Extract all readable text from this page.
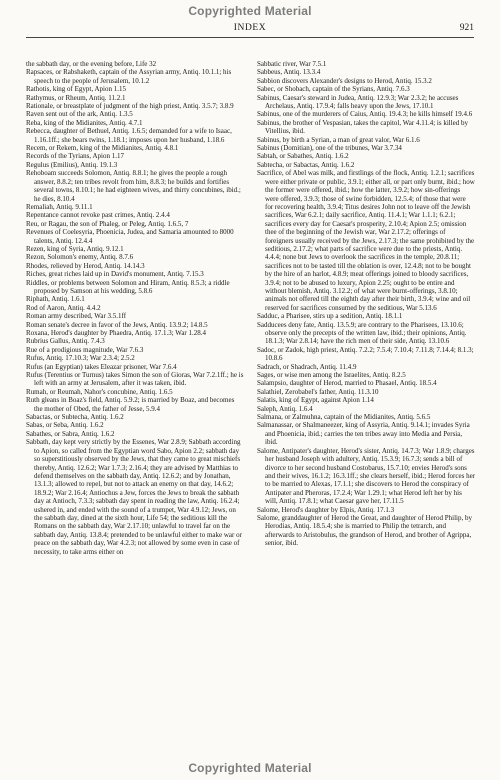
Copyrighted Material
INDEX	921

the sabbath day, or the evening before, Life 32

Rapsaces, or Rabshaketh, captain of the Assyrian army, Antiq. 10.1.1; his speech to the people of Jerusalem, 10.1.2

Rathotis, king of Egypt, Apion 1.15

Rathymus, or Rheum, Antiq. 11.2.1

Rationale, or breastplate of judgment of the high priest, Antiq. 3.5.7; 3.8.9

Raven sent out of the ark, Antiq. 1.3.5

Reba, king of the Midianites, Antiq. 4.7.1

Rebecca, daughter of Bethuel, Antiq. 1.6.5; demanded for a wife to Isaac, 1.16.1ff.; she bears twins, 1.18.1; imposes upon her husband, 1.18.6

Recem, or Rekem, king of the Midianites, Antiq. 4.8.1

Records of the Tyrians, Apion 1.17

Regulus (Emilius), Antiq. 19.1.3

Rehoboam succeeds Solomon, Antiq. 8.8.1; he gives the people a rough answer, 8.8.2; ten tribes revolt from him, 8.8.3; he builds and fortifies several towns, 8.10.1; he had eighteen wives, and thirty concubines, ibid.; he dies, 8.10.4

Remaliah, Antiq. 9.11.1

Repentance cannot revoke past crimes, Antiq. 2.4.4

Reu, or Ragau, the son of Phaleg, or Peleg, Antiq. 1.6.5, 7

Revenues of Coelesyria, Phoenicia, Judea, and Samaria amounted to 8000 talents, Antiq. 12.4.4

Rezen, king of Syria, Antiq. 9.12.1

Rezon, Solomon's enemy, Antiq. 8.7.6

Rhodes, relieved by Herod, Antiq. 14.14.3

Riches, great riches laid up in David's monument, Antiq. 7.15.3

Riddles, or problems between Solomon and Hiram, Antiq. 8.5.3; a riddle proposed by Samson at his wedding, 5.8.6

Riphath, Antiq. 1.6.1

Rod of Aaron, Antiq. 4.4.2

Roman army described, War 3.5.1ff

Roman senate's decree in favor of the Jews, Antiq. 13.9.2; 14.8.5

Roxana, Herod's daughter by Phaedra, Antiq. 17.1.3; War 1.28.4

Rubrius Gallus, Antiq. 7.4.3

Rue of a prodigious magnitude, War 7.6.3

Rufus, Antiq. 17.10.3; War 2.3.4; 2.5.2

Rufus (an Egyptian) takes Eleazar prisoner, War 7.6.4

Rufus (Terentius or Turnus) takes Simon the son of Gioras, War 7.2.1ff.; he is left with an army at Jerusalem, after it was taken, ibid.

Rumah, or Reumah, Nahor's concubine, Antiq. 1.6.5

Ruth gleans in Boaz's field, Antiq. 5.9.2; is married by Boaz, and becomes the mother of Obed, the father of Jesse, 5.9.4

Sabactas, or Subtecha, Antiq. 1.6.2

Sabas, or Seba, Antiq. 1.6.2

Sabathes, or Sabra, Antiq. 1.6.2

Sabbath, day kept very strictly by the Essenes, War 2.8.9; Sabbath according to Apion, so called from the Egyptian word Sabo, Apion 2.2; sabbath day so superstitiously observed by the Jews, that they came to great mischiefs thereby, Antiq. 12.6.2; War 1.7.3; 2.16.4; they are advised by Matthias to defend themselves on the sabbath day, Antiq. 12.6.2; and by Jonathan, 13.1.3; allowed to repel, but not to attack an enemy on that day, 14.6.2; 18.9.2; War 2.16.4; Antiochus a Jew, forces the Jews to break the sabbath day at Antioch, 7.3.3; sabbath day spent in reading the law, Antiq. 16.2.4; ushered in, and ended with the sound of a trumpet, War 4.9.12; Jews, on the sabbath day, dined at the sixth hour, Life 54; the seditious kill the Romans on the sabbath day, War 2.17.10; unlawful to travel far on the sabbath day, Antiq. 13.8.4; pretended to be unlawful either to make war or peace on the sabbath day, War 4.2.3; not allowed by some even in case of necessity, to take arms either on

Sabbatic river, War 7.5.1

Sabbeus, Antiq. 13.3.4

Sabbion discovers Alexander's designs to Herod, Antiq. 15.3.2

Sabec, or Shobach, captain of the Syrians, Antiq. 7.6.3

Sabinus, Caesar's steward in Judea, Antiq. 12.9.3; War 2.3.2; he accuses Archelaus, Antiq. 17.9.4; falls heavy upon the Jews, 17.10.1

Sabinus, one of the murderers of Caius, Antiq. 19.4.3; he kills himself 19.4.6

Sabinus, the brother of Vespasian, takes the capitol, War 4.11.4; is killed by Vitellius, ibid.

Sabinus, by birth a Syrian, a man of great valor, War 6.1.6

Sabinus (Domitian), one of the tribunes, War 3.7.34

Sabtah, or Sabathes, Antiq. 1.6.2

Sabtecha, or Sabactas, Antiq. 1.6.2

Sacrifice, of Abel was milk, and firstlings of the flock, Antiq. 1.2.1; sacrifices were either private or public, 3.9.1; either all, or part only burnt, ibid.; how the former were offered, ibid.; how the latter, 3.9.2; how sin-offerings were offered, 3.9.3; those of swine forbidden, 12.5.4; of those that were for recovering health, 3.9.4; Titus desires John not to leave off the Jewish sacrifices, War 6.2.1; daily sacrifice, Antiq. 11.4.1; War 1.1.1; 6.2.1; sacrifices every day for Caesar's prosperity, 2.10.4; Apion 2.5; omission thee of the beginning of the Jewish war, War 2.17.2; offerings of foreigners usually received by the Jews, 2.17.3; the same prohibited by the seditious, 2.17.2; what parts of sacrifice were due to the priests, Antiq. 4.4.4; none but Jews to overlook the sacrifices in the temple, 20.8.11; sacrifices not to be tasted till the oblation is over, 12.4.8; not to be bought by the hire of an harlot, 4.8.9; meat offerings joined to bloody sacrifices, 3.9.4; not to be abused to luxury, Apion 2.25; ought to be entire and without blemish, Antiq. 3.12.2; of what were burnt-offerings, 3.8.10; animals not offered till the eighth day after their birth, 3.9.4; wine and oil reserved for sacrifices consumed by the seditious, War 5.13.6

Sadduc, a Pharisee, stirs up a sedition, Antiq. 18.1.1

Sadducees deny fate, Antiq. 13.5.9; are contrary to the Pharisees, 13.10.6; observe only the precepts of the written law, ibid.; their opinions, Antiq. 18.1.3; War 2.8.14; have the rich men of their side, Antiq. 13.10.6

Sadoc, or Zadok, high priest, Antiq. 7.2.2; 7.5.4; 7.10.4; 7.11.8; 7.14.4; 8.1.3; 10.8.6

Sadrach, or Shadrach, Antiq. 11.4.9

Sages, or wise men among the Israelites, Antiq. 8.2.5

Salampsio, daughter of Herod, married to Phasael, Antiq. 18.5.4

Salathiel, Zerobabel's father, Antiq. 11.3.10

Salatis, king of Egypt, against Apion 1.14

Saleph, Antiq. 1.6.4

Salmana, or Zalmuhna, captain of the Midianites, Antiq. 5.6.5

Salmanassar, or Shalmaneezer, king of Assyria, Antiq. 9.14.1; invades Syria and Phoenicia, ibid.; carries the ten tribes away into Media and Persia, ibid.

Salome, Antipater's daughter, Herod's sister, Antiq. 14.7.3; War 1.8.9; charges her husband Joseph with adultery, Antiq. 15.3.9; 16.7.3; sends a bill of divorce to her second husband Costobarus, 15.7.10; envies Herod's sons and their wives, 16.1.2; 16.3.1ff.; she clears herself, ibid.; Herod forces her to be married to Alexas, 17.1.1; she discovers to Herod the conspiracy of Antipater and Pheroras, 17.2.4; War 1.29.1; what Herod left her by his will, Antiq. 17.8.1; what Caesar gave her, 17.11.5

Salome, Herod's daughter by Elpis, Antiq. 17.1.3

Salome, granddaughter of Herod the Great, and daughter of Herod Philip, by Herodias, Antiq. 18.5.4; she is married to Philip the tetrarch, and afterwards to Aristobulus, the grandson of Herod, and brother of Agrippa, senior, ibid.

Copyrighted Material
